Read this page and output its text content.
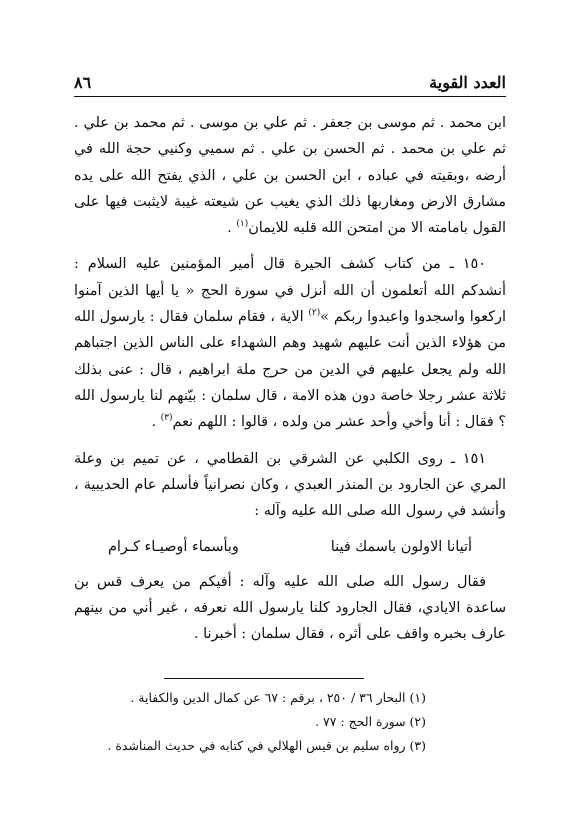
العدد القوية
٨٦

ابن محمد . ثم موسى بن جعفر . ثم علي بن موسى . ثم محمد بن علي . ثم علي بن محمد . ثم الحسن بن علي . ثم سميي وكنيي حجة الله في أرضه ،وبقيته في عباده ، ابن الحسن بن علي ، الذي يفتح الله على يده مشارق الارض ومغاربها ذلك الذي يغيب عن شيعته غيبة لايثبت فيها على القول بامامته الا من امتحن الله قلبه للايمان$^{(١)}$ .

١٥٠ ـ من كتاب كشف الحيرة قال أمير المؤمنين عليه السلام : أنشدكم الله أتعلمون أن الله أنزل في سورة الحج « يا أيها الذين آمنوا اركعوا واسجدوا واعبدوا ربكم »$^{(٢)}$ الاية ، فقام سلمان فقال : يارسول الله من هؤلاء الذين أنت عليهم شهيد وهم الشهداء على الناس الذين اجتباهم الله ولم يجعل عليهم في الدين من حرج ملة ابراهيم ، قال : عنى بذلك ثلاثة عشر رجلا خاصة دون هذه الامة ، قال سلمان : بيّنهم لنا يارسول الله ؟ فقال : أنا وأخي وأحد عشر من ولده ، قالوا : اللهم نعم$^{(٣)}$ .

١٥١ ـ روى الكلبي عن الشرقي بن القطامي ، عن تميم بن وعلة المري عن الجارود بن المنذر العبدي ، وكان نصرانياً فأسلم عام الحديبية ، وأنشد في رسول الله صلى الله عليه وآله :

أتيانا الاولون باسمك فينا
وبأسماء أوصيـاء كـرام

فقال رسول الله صلى الله عليه وآله : أفيكم من يعرف قس بن ساعدة الايادي، فقال الجارود كلنا يارسول الله نعرفه ، غير أني من بينهم عارف بخبره واقف على أثره ، فقال سلمان : أخبرنا .

(١) البحار ٣٦ / ٢٥٠ ، برقم : ٦٧ عن كمال الدين والكفاية .
(٢) سورة الحج : ٧٧ .
(٣) رواه سليم بن قيس الهلالي في كتابه في حديث المناشدة .
